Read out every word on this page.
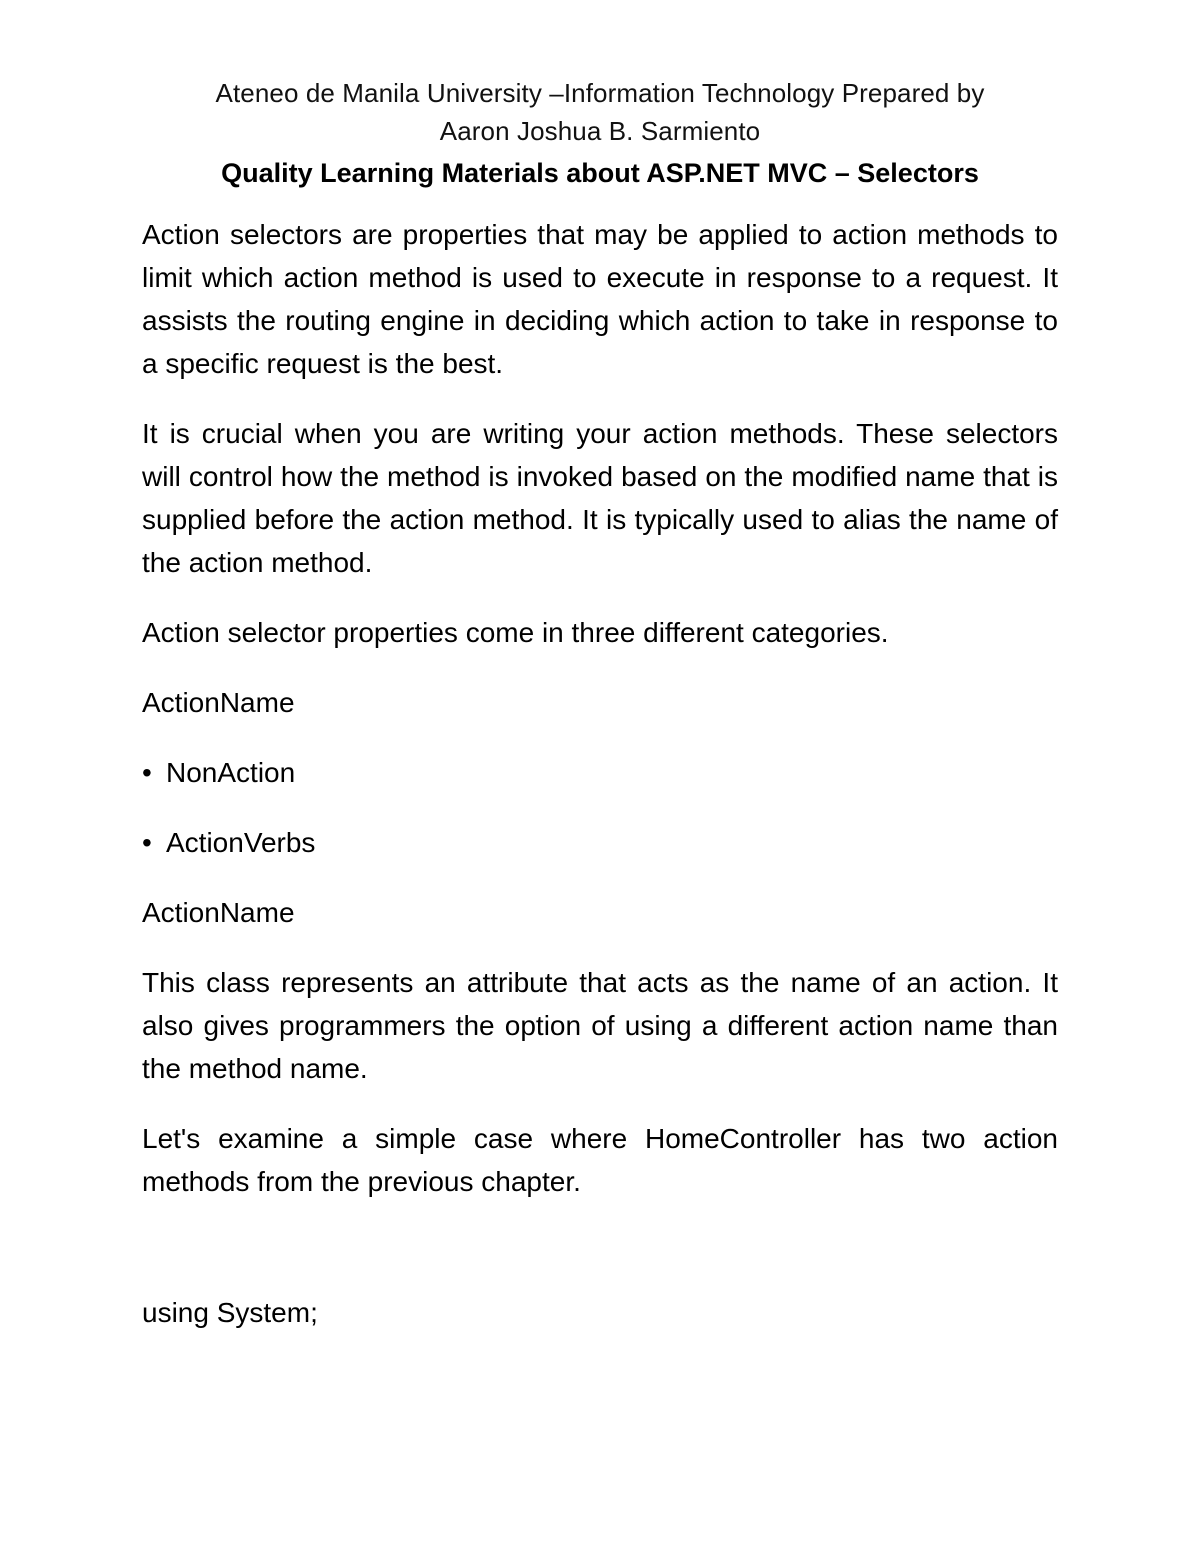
Ateneo de Manila University –Information Technology Prepared by
Aaron Joshua B. Sarmiento
Quality Learning Materials about ASP.NET MVC – Selectors

Action selectors are properties that may be applied to action methods to limit which action method is used to execute in response to a request. It assists the routing engine in deciding which action to take in response to a specific request is the best.

It is crucial when you are writing your action methods. These selectors will control how the method is invoked based on the modified name that is supplied before the action method. It is typically used to alias the name of the action method.

Action selector properties come in three different categories.

ActionName
• NonAction
• ActionVerbs
ActionName

This class represents an attribute that acts as the name of an action. It also gives programmers the option of using a different action name than the method name.

Let's examine a simple case where HomeController has two action methods from the previous chapter.

using System;
